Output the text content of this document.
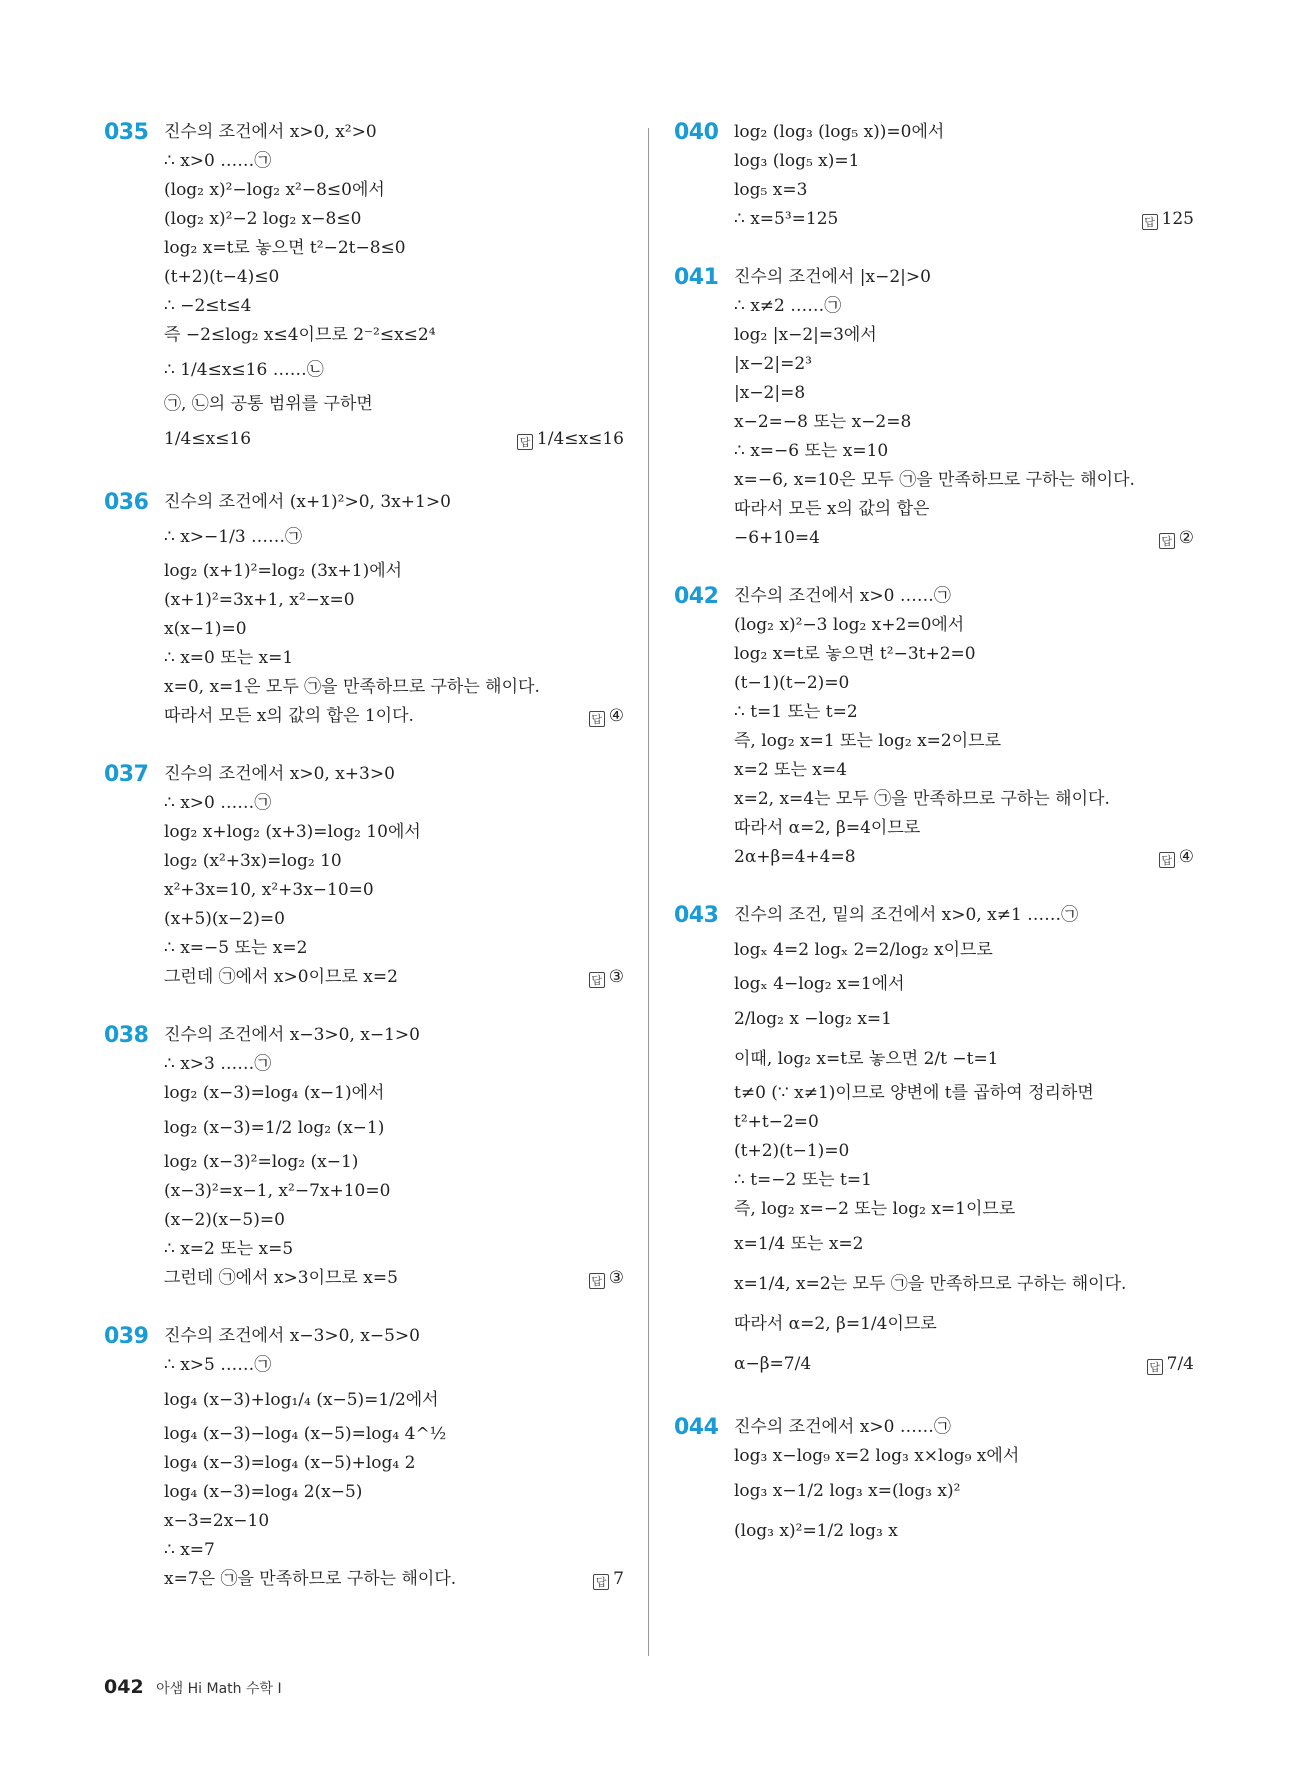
035 진수의 조건에서 x>0, x²>0
∴ x>0 ……㉠
(log₂ x)²−log₂ x²−8≤0에서
(log₂ x)²−2 log₂ x−8≤0
log₂ x=t로 놓으면 t²−2t−8≤0
(t+2)(t−4)≤0
∴ −2≤t≤4
즉 −2≤log₂ x≤4이므로 2⁻²≤x≤2⁴
∴ 1/4≤x≤16 ……㉡
㉠, ㉡의 공통 범위를 구하면
1/4≤x≤16	답 1/4≤x≤16
036 진수의 조건에서 (x+1)²>0, 3x+1>0
∴ x>−1/3 ……㉠
log₂ (x+1)²=log₂ (3x+1)에서
(x+1)²=3x+1, x²−x=0
x(x−1)=0
∴ x=0 또는 x=1
x=0, x=1은 모두 ㉠을 만족하므로 구하는 해이다.
따라서 모든 x의 값의 합은 1이다.	답 ④
037 진수의 조건에서 x>0, x+3>0
∴ x>0 ……㉠
log₂ x+log₂ (x+3)=log₂ 10에서
log₂ (x²+3x)=log₂ 10
x²+3x=10, x²+3x−10=0
(x+5)(x−2)=0
∴ x=−5 또는 x=2
그런데 ㉠에서 x>0이므로 x=2	답 ③
038 진수의 조건에서 x−3>0, x−1>0
∴ x>3 ……㉠
log₂ (x−3)=log₄ (x−1)에서
log₂ (x−3)=1/2 log₂ (x−1)
log₂ (x−3)²=log₂ (x−1)
(x−3)²=x−1, x²−7x+10=0
(x−2)(x−5)=0
∴ x=2 또는 x=5
그런데 ㉠에서 x>3이므로 x=5	답 ③
039 진수의 조건에서 x−3>0, x−5>0
∴ x>5 ……㉠
log₄ (x−3)+log₁/₄ (x−5)=1/2에서
log₄ (x−3)−log₄ (x−5)=log₄ 4^½
log₄ (x−3)=log₄ (x−5)+log₄ 2
log₄ (x−3)=log₄ 2(x−5)
x−3=2x−10
∴ x=7
x=7은 ㉠을 만족하므로 구하는 해이다.	답 7
040 log₂ (log₃ (log₅ x))=0에서
log₃ (log₅ x)=1
log₅ x=3
∴ x=5³=125	답 125
041 진수의 조건에서 |x−2|>0
∴ x≠2 ……㉠
log₂ |x−2|=3에서
|x−2|=2³
|x−2|=8
x−2=−8 또는 x−2=8
∴ x=−6 또는 x=10
x=−6, x=10은 모두 ㉠을 만족하므로 구하는 해이다.
따라서 모든 x의 값의 합은
−6+10=4	답 ②
042 진수의 조건에서 x>0 ……㉠
(log₂ x)²−3 log₂ x+2=0에서
log₂ x=t로 놓으면 t²−3t+2=0
(t−1)(t−2)=0
∴ t=1 또는 t=2
즉, log₂ x=1 또는 log₂ x=2이므로
x=2 또는 x=4
x=2, x=4는 모두 ㉠을 만족하므로 구하는 해이다.
따라서 α=2, β=4이므로
2α+β=4+4=8	답 ④
043 진수의 조건, 밑의 조건에서 x>0, x≠1 ……㉠
logₓ 4=2 logₓ 2=2/log₂ x이므로
logₓ 4−log₂ x=1에서
2/log₂ x −log₂ x=1
이때, log₂ x=t로 놓으면 2/t −t=1
t≠0 (∵ x≠1)이므로 양변에 t를 곱하여 정리하면
t²+t−2=0
(t+2)(t−1)=0
∴ t=−2 또는 t=1
즉, log₂ x=−2 또는 log₂ x=1이므로
x=1/4 또는 x=2
x=1/4, x=2는 모두 ㉠을 만족하므로 구하는 해이다.
따라서 α=2, β=1/4이므로
α−β=7/4	답 7/4
044 진수의 조건에서 x>0 ……㉠
log₃ x−log₉ x=2 log₃ x×log₉ x에서
log₃ x−1/2 log₃ x=(log₃ x)²
(log₃ x)²=1/2 log₃ x
042 아샘 Hi Math 수학 I
